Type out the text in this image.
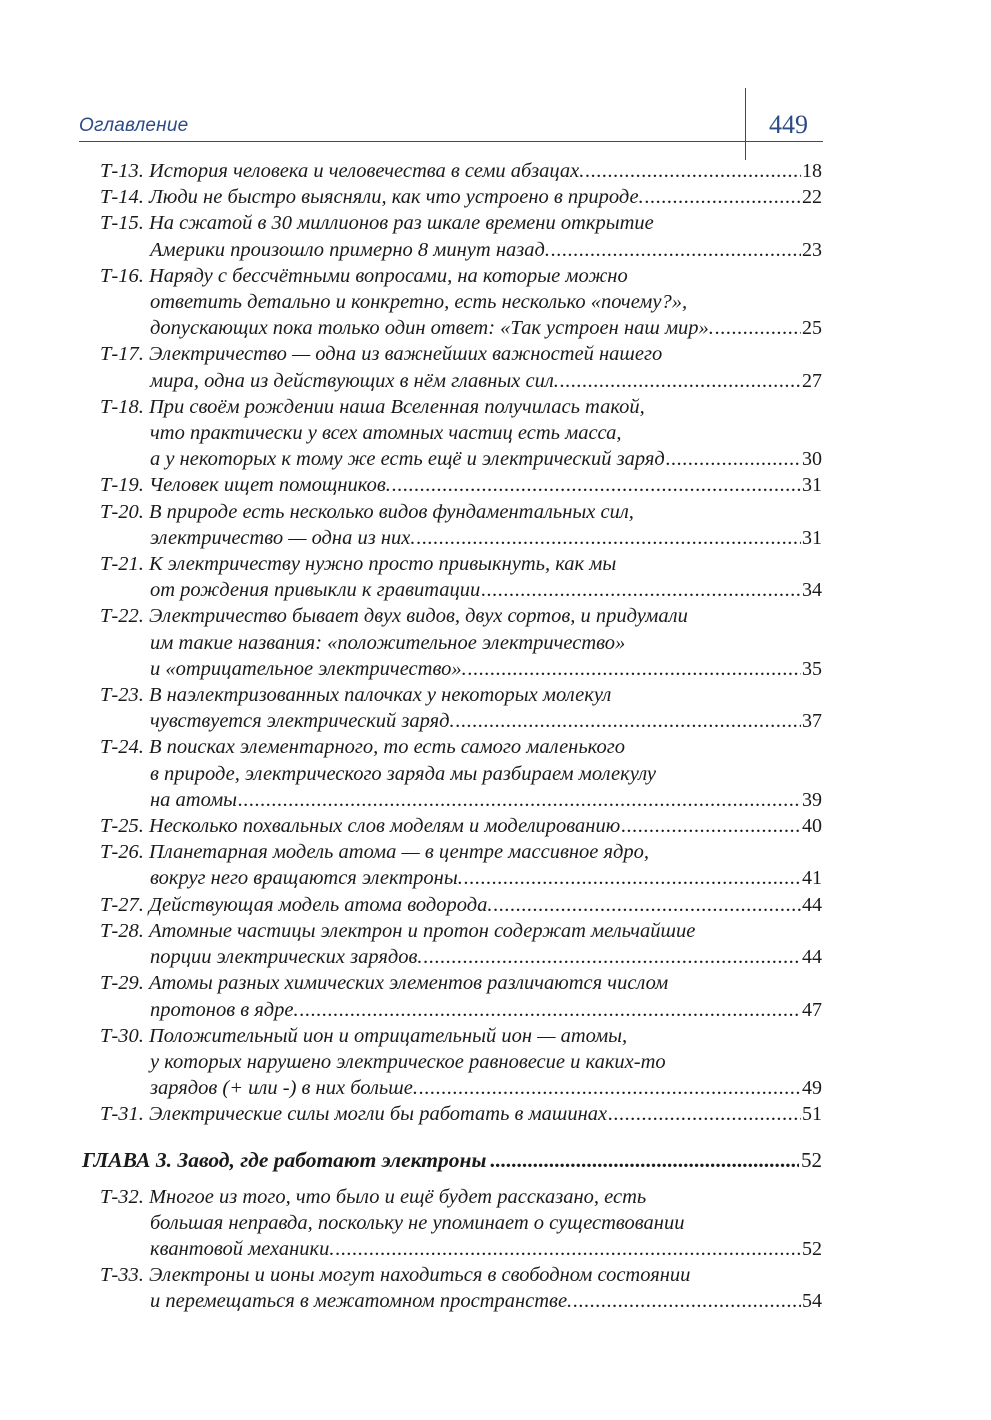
Оглавление	449
Т-13. История человека и человечества в семи абзацах. .....	18
Т-14. Люди не быстро выясняли, как что устроено в природе. .....	22
Т-15. На сжатой в 30 миллионов раз шкале времени открытие
Америки произошло примерно 8 минут назад. .....	23
Т-16. Наряду с бессчётными вопросами, на которые можно
ответить детально и конкретно, есть несколько «почему?»,
допускающих пока только один ответ: «Так устроен наш мир». .....	25
Т-17. Электричество — одна из важнейших важностей нашего
мира, одна из действующих в нём главных сил. .....	27
Т-18. При своём рождении наша Вселенная получилась такой,
что практически у всех атомных частиц есть масса,
а у некоторых к тому же есть ещё и электрический заряд .....	30
Т-19. Человек ищет помощников. .....	31
Т-20. В природе есть несколько видов фундаментальных сил,
электричество — одна из них. .....	31
Т-21. К электричеству нужно просто привыкнуть, как мы
от рождения привыкли к гравитации .....	34
Т-22. Электричество бывает двух видов, двух сортов, и придумали
им такие названия: «положительное электричество»
и «отрицательное электричество». .....	35
Т-23. В наэлектризованных палочках у некоторых молекул
чувствуется электрический заряд. .....	37
Т-24. В поисках элементарного, то есть самого маленького
в природе, электрического заряда мы разбираем молекулу
на атомы .....	39
Т-25. Несколько похвальных слов моделям и моделированию .....	40
Т-26. Планетарная модель атома — в центре массивное ядро,
вокруг него вращаются электроны. .....	41
Т-27. Действующая модель атома водорода. .....	44
Т-28. Атомные частицы электрон и протон содержат мельчайшие
порции электрических зарядов. .....	44
Т-29. Атомы разных химических элементов различаются числом
протонов в ядре. .....	47
Т-30. Положительный ион и отрицательный ион — атомы,
у которых нарушено электрическое равновесие и каких-то
зарядов (+ или -) в них больше. .....	49
Т-31. Электрические силы могли бы работать в машинах .....	51
ГЛАВА 3. Завод, где работают электроны .....	52
Т-32. Многое из того, что было и ещё будет рассказано, есть
большая неправда, поскольку не упоминает о существовании
квантовой механики. .....	52
Т-33. Электроны и ионы могут находиться в свободном состоянии
и перемещаться в межатомном пространстве. .....	54
